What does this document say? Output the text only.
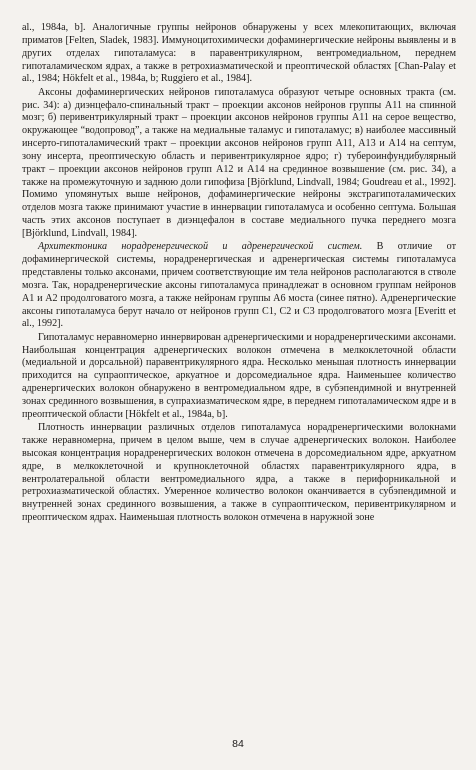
al., 1984a, b]. Аналогичные группы нейронов обнаружены у всех млекопитающих, включая приматов [Felten, Sladek, 1983]. Иммуноцитохимически дофаминергические нейроны выявлены и в других отделах гипоталамуса: в паравентрикулярном, вентромедиальном, переднем гипоталамическом ядрах, а также в ретрохиазматической и преоптической областях [Chan-Palay et al., 1984; Hökfelt et al., 1984a, b; Ruggiero et al., 1984].

Аксоны дофаминергических нейронов гипоталамуса образуют четыре основных тракта (см. рис. 34): а) диэнцефало-спинальный тракт – проекции аксонов нейронов группы A11 на спинной мозг; б) перивентрикулярный тракт – проекции аксонов нейронов группы A11 на серое вещество, окружающее “водопровод”, а также на медиальные таламус и гипоталамус; в) наиболее массивный инсерто-гипоталамический тракт – проекции аксонов нейронов групп A11, A13 и A14 на септум, зону инсерта, преоптическую область и перивентрикулярное ядро; г) тубероинфундибулярный тракт – проекции аксонов нейронов групп A12 и A14 на срединное возвышение (см. рис. 34), а также на промежуточную и заднюю доли гипофиза [Björklund, Lindvall, 1984; Goudreau et al., 1992]. Помимо упомянутых выше нейронов, дофаминергические нейроны экстрагипоталамических отделов мозга также принимают участие в иннервации гипоталамуса и особенно септума. Большая часть этих аксонов поступает в диэнцефалон в составе медиального пучка переднего мозга [Björklund, Lindvall, 1984].

Архитектоника норадренергической и адренергической систем. В отличие от дофаминергической системы, норадренергическая и адренергическая системы гипоталамуса представлены только аксонами, причем соответствующие им тела нейронов располагаются в стволе мозга. Так, норадренергические аксоны гипоталамуса принадлежат в основном группам нейронов A1 и A2 продолговатого мозга, а также нейронам группы A6 моста (синее пятно). Адренергические аксоны гипоталамуса берут начало от нейронов групп C1, C2 и C3 продолговатого мозга [Everitt et al., 1992].

Гипоталамус неравномерно иннервирован адренергическими и норадренергическими аксонами. Наибольшая концентрация адренергических волокон отмечена в мелкоклеточной области (медиальной и дорсальной) паравентрикулярного ядра. Несколько меньшая плотность иннервации приходится на супраоптическое, аркуатное и дорсомедиальное ядра. Наименьшее количество адренергических волокон обнаружено в вентромедиальном ядре, в субэпендимной и внутренней зонах срединного возвышения, в супрахиазматическом ядре, в переднем гипоталамическом ядре и в преоптической области [Hökfelt et al., 1984a, b].

Плотность иннервации различных отделов гипоталамуса норадренергическими волокнами также неравномерна, причем в целом выше, чем в случае адренергических волокон. Наиболее высокая концентрация норадренергических волокон отмечена в дорсомедиальном ядре, аркуатном ядре, в мелкоклеточной и крупноклеточной областях паравентрикулярного ядра, в вентролатеральной области вентромедиального ядра, а также в перифорникальной и ретрохиазматической областях. Умеренное количество волокон оканчивается в субэпендимной и внутренней зонах срединного возвышения, а также в супраоптическом, перивентрикулярном и преоптическом ядрах. Наименьшая плотность волокон отмечена в наружной зоне

84
